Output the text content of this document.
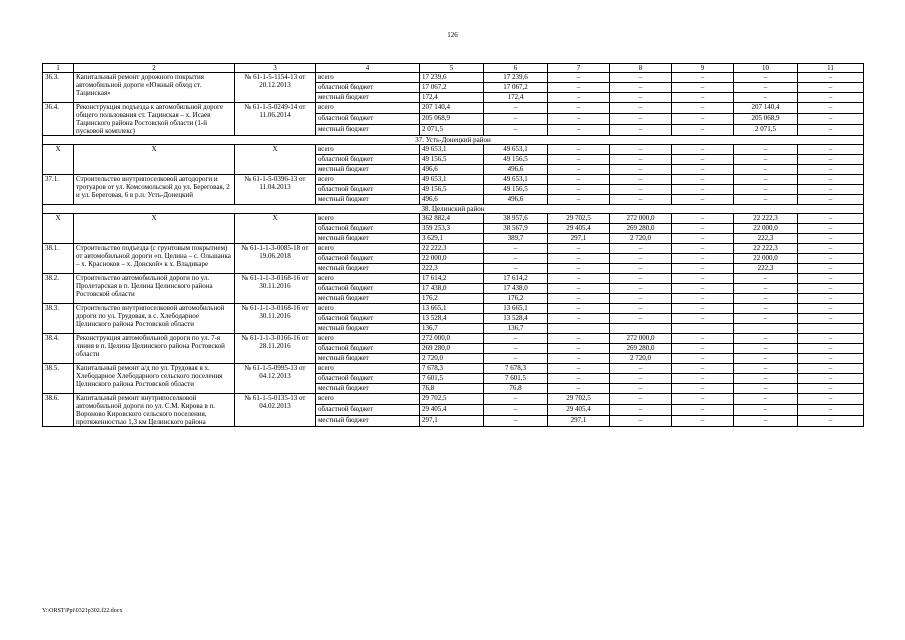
126
1	2	3	4	5	6	7	8	9	10	11
36.3.	Капитальный ремонт дорожного покрытия автомобильной дороги «Южный обход ст. Тацинская»	№ 61-1-5-1154-13 от 20.12.2013	всего	17 239,6	17 239,6	–	–	–	–	–
			областной бюджет	17 067,2	17 067,2	–	–	–	–	–
			местный бюджет	172,4	172,4	–	–	–	–	–
36.4.	Реконструкция подъезда к автомобильной дороге общего пользования ст. Тацинская – х. Исаев Тацинского района Ростовской области (1-й пусковой комплекс)	№ 61-1-5-0249-14 от 11.06.2014	всего	207 140,4	–	–	–	–	207 140,4	–
			областной бюджет	205 068,9	–	–	–	–	205 068,9	–
			местный бюджет	2 071,5	–	–	–	–	2 071,5	–
37. Усть-Донецкий район										
Х	Х	Х	всего	49 653,1	49 653,1	–	–	–	–	–
			областной бюджет	49 156,5	49 156,5	–	–	–	–	–
			местный бюджет	496,6	496,6	–	–	–	–	–
37.1.	Строительство внутрипоселковой автодороги и тротуаров от ул. Комсомольской до ул. Береговая, 2 и ул. Береговая, 6 в р.п. Усть-Донецкий	№ 61-1-5-0396-13 от 11.04.2013	всего	49 653,1	49 653,1	–	–	–	–	–
			областной бюджет	49 156,5	49 156,5	–	–	–	–	–
			местный бюджет	496,6	496,6	–	–	–	–	–
38. Целинский район										
Х	Х	Х	всего	362 882,4	38 957,6	29 702,5	272 000,0	–	22 222,3	–
			областной бюджет	359 253,3	38 567,9	29 405,4	269 280,0	–	22 000,0	–
			местный бюджет	3 629,1	389,7	297,1	2 720,0	–	222,3	–
38.1.	Строительство подъезда (с грунтовым покрытием) от автомобильной дороги «п. Целина – с. Ольшанка – х. Красноков – х. Донской» к х. Владикаре	№ 61-1-1-3-0085-18 от 19.06.2018	всего	22 222,3	–	–	–	–	22 222,3	–
			областной бюджет	22 000,0	–	–	–	–	22 000,0	–
			местный бюджет	222,3	–	–	–	–	222,3	–
38.2.	Строительство автомобильной дороги по ул. Пролетарская в п. Целина Целинского района Ростовской области	№ 61-1-1-3-0168-16 от 30.11.2016	всего	17 614,2	17 614,2	–	–	–	–	–
			областной бюджет	17 438,0	17 438,0	–	–	–	–	–
			местный бюджет	176,2	176,2	–	–	–	–	–
38.3.	Строительство внутрипоселковой автомобильной дороги по ул. Трудовая, в с. Хлебодарное Целинского района Ростовской области	№ 61-1-1-3-0168-16 от 30.11.2016	всего	13 665,1	13 665,1	–	–	–	–	–
			областной бюджет	13 528,4	13 528,4	–	–	–	–	–
			местный бюджет	136,7	136,7					
38.4.	Реконструкция автомобильной дороги по ул. 7-я линия в п. Целина Целинского района Ростовской области	№ 61-1-1-3-0166-16 от 28.11.2016	всего	272 000,0	–	–	272 000,0	–	–	–
			областной бюджет	269 280,0	–	–	269 280,0	–	–	–
			местный бюджет	2 720,0	–	–	2 720,0	–	–	–
38.5.	Капитальный ремонт а/д по ул. Трудовая в х. Хлебодарное Хлебодарного сельского поселения Целинского района Ростовской области	№ 61-1-5-0995-13 от 04.12.2013	всего	7 678,3	7 678,3	–	–	–	–	–
			областной бюджет	7 601,5	7 601,5	–	–	–	–	–
			местный бюджет	76,8	76,8	–	–	–	–	–
38.6.	Капитальный ремонт внутрипоселковой автомобильной дороги по ул. С.М. Кирова в п. Вороново Кировского сельского поселения, протяженностью 1,3 км Целинского района	№ 61-1-5-0135-13 от 04.02.2013	всего	29 702,5	–	29 702,5	–	–	–	–
			областной бюджет	29 405,4	–	29 405,4	–	–	–	–
			местный бюджет	297,1	–	297,1	–	–	–	–
Y:\ORST\Ppi\0321p302.f22.docx
